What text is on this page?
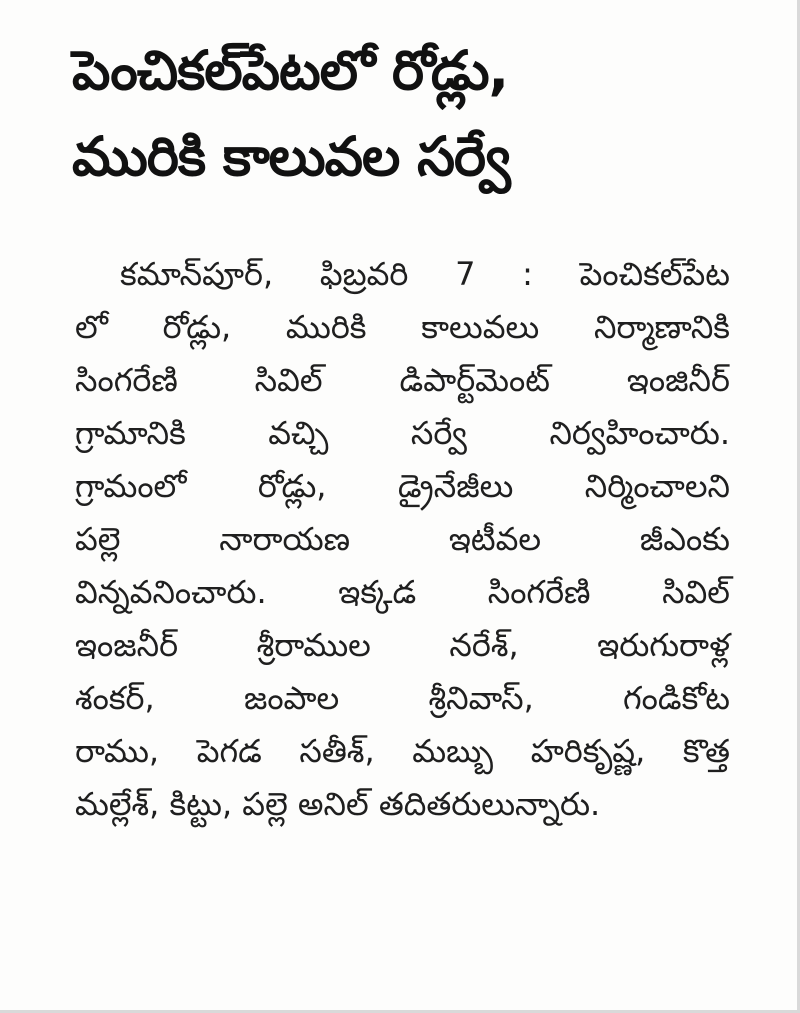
పెంచికల్‌పేటలో రోడ్లు,
మురికి కాలువల సర్వే
కమాన్‌పూర్, ఫిబ్రవరి 7 : పెంచికల్‌పేట
లో రోడ్లు, మురికి కాలువలు నిర్మాణానికి
సింగరేణి సివిల్ డిపార్ట్‌మెంట్ ఇంజినీర్
గ్రామానికి వచ్చి సర్వే నిర్వహించారు.
గ్రామంలో రోడ్లు, డ్రైనేజీలు నిర్మించాలని
పల్లె నారాయణ ఇటీవల జీఎంకు
విన్నవనించారు. ఇక్కడ సింగరేణి సివిల్
ఇంజనీర్ శ్రీరాముల నరేశ్, ఇరుగురాళ్ల
శంకర్, జంపాల శ్రీనివాస్, గండికోట
రాము, పెగడ సతీశ్, మబ్బు హరికృష్ణ, కొత్త
మల్లేశ్, కిట్టు, పల్లె అనిల్ తదితరులున్నారు.
